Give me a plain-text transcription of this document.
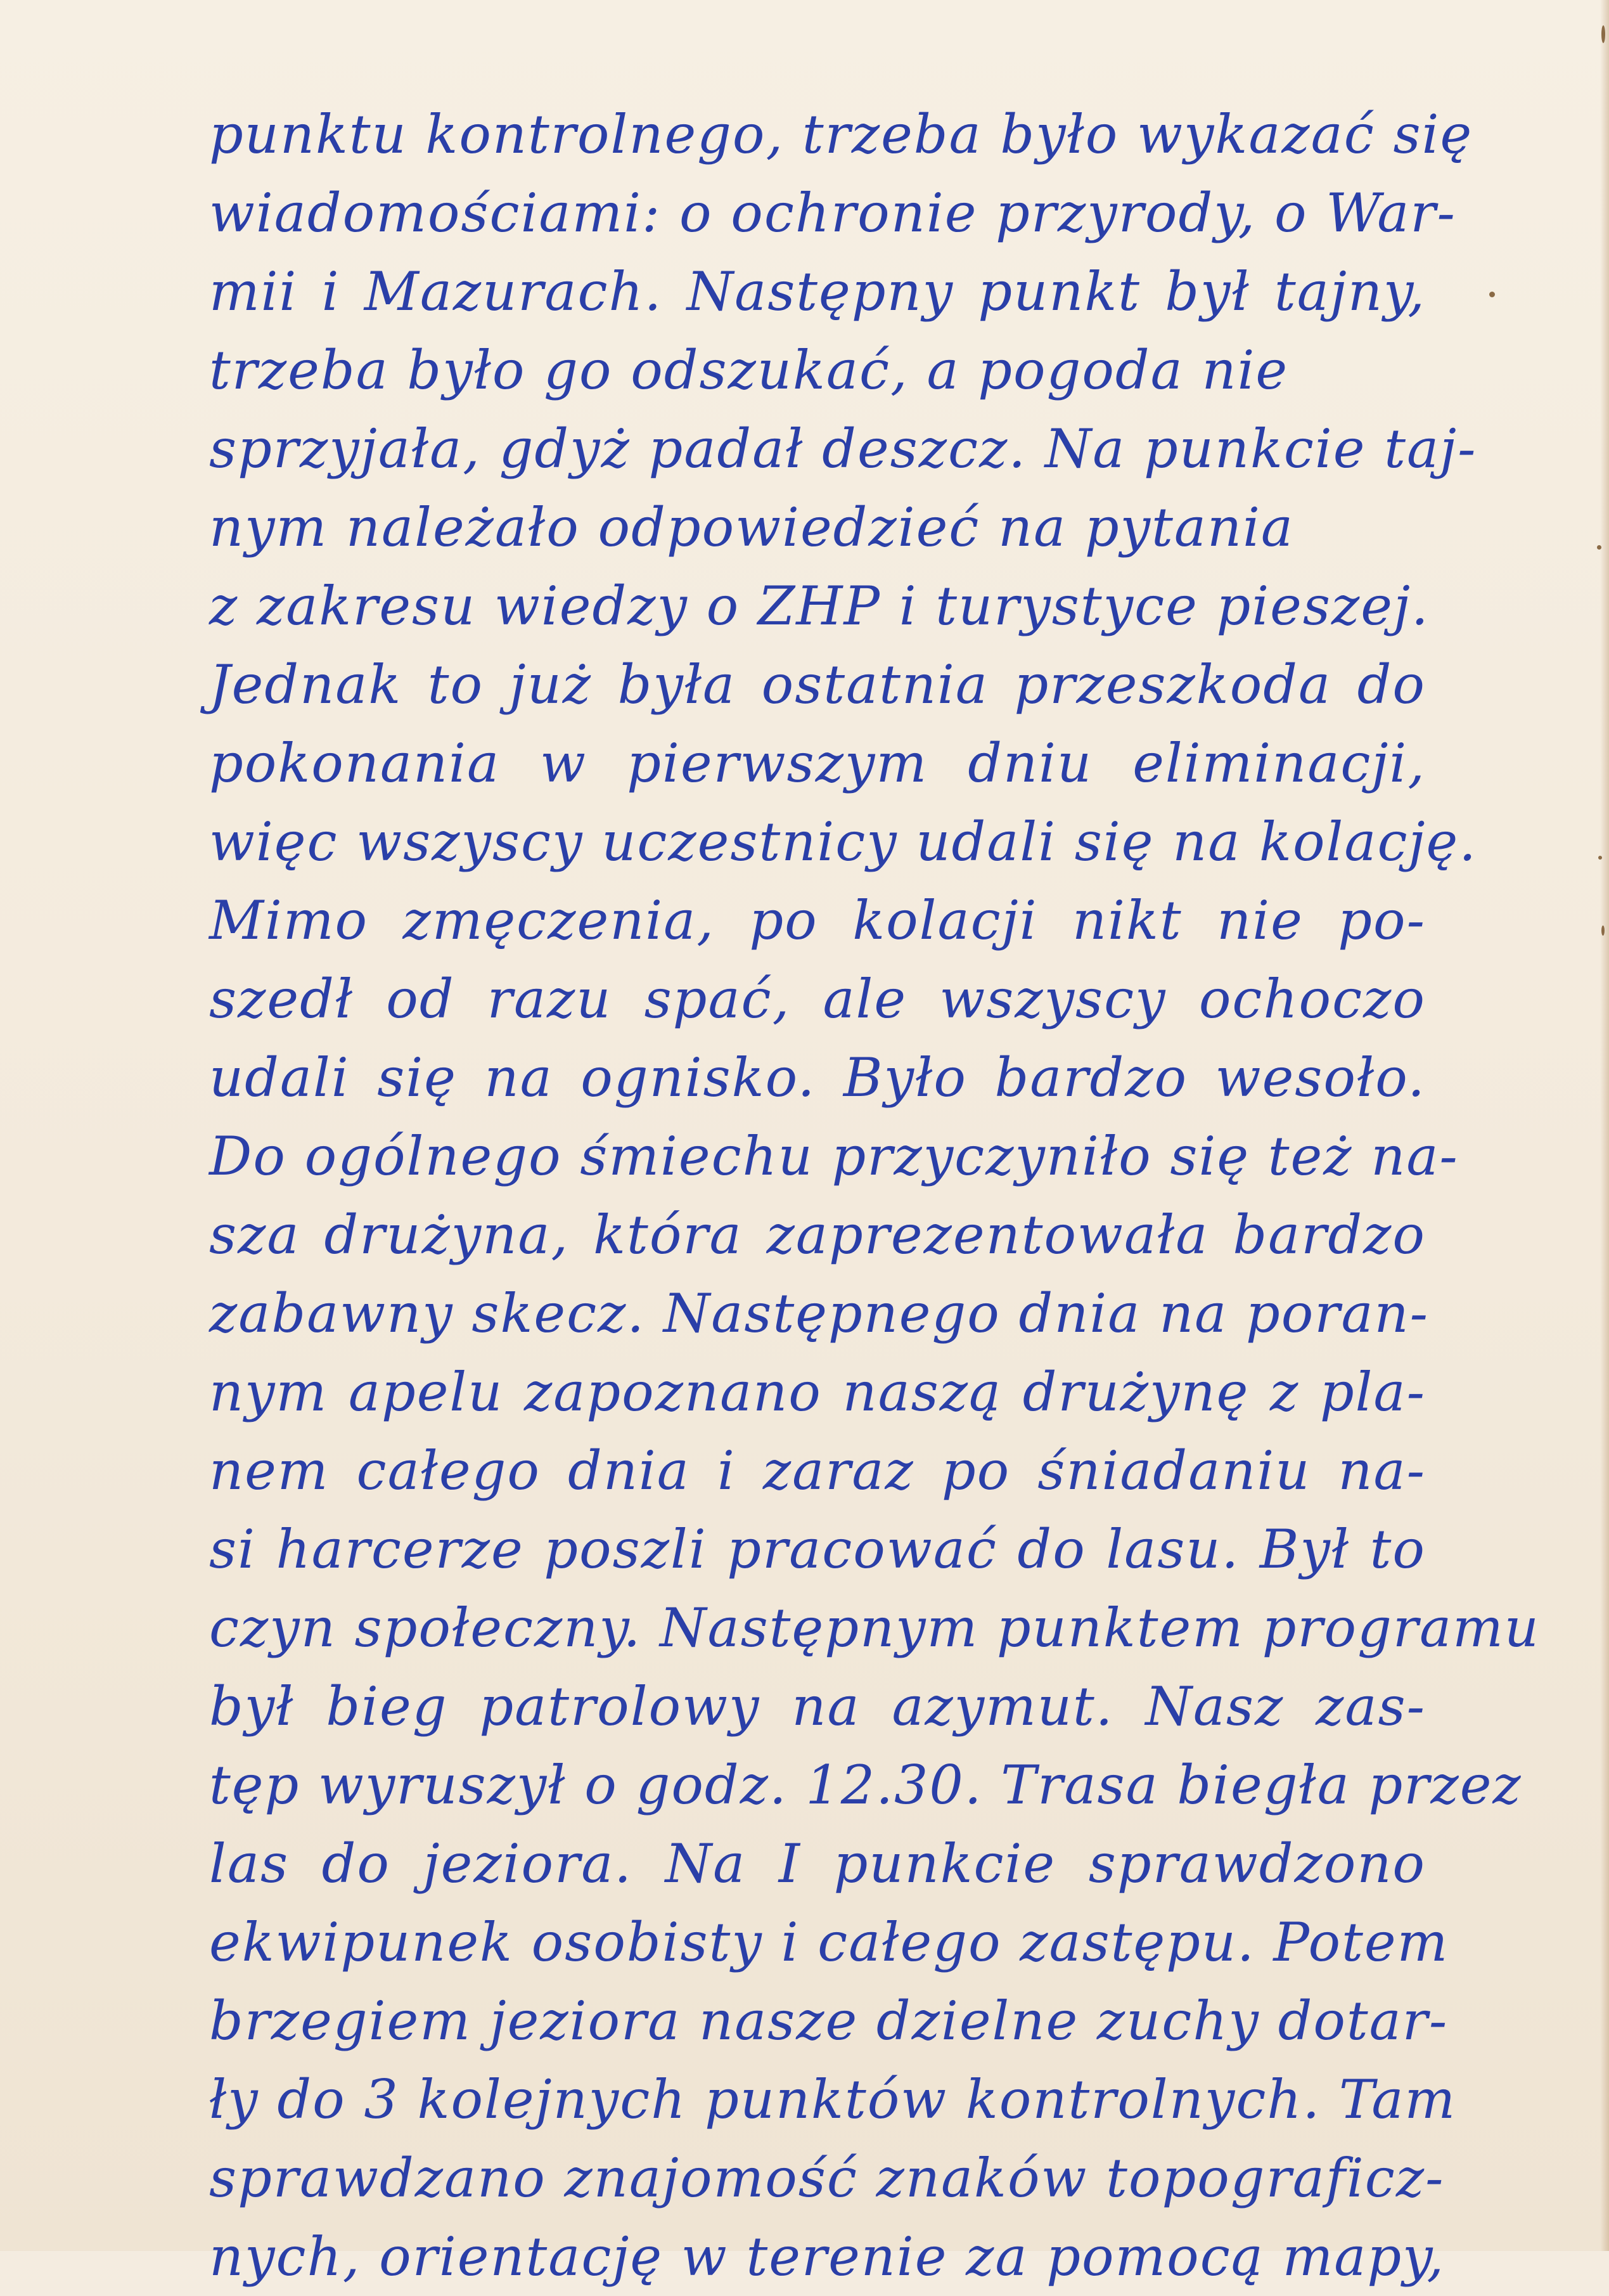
punktu kontrolnego, trzeba było wykazać się
wiadomościami: o ochronie przyrody, o War-
mii i Mazurach. Następny punkt był tajny,
trzeba było go odszukać, a pogoda nie
sprzyjała, gdyż padał deszcz. Na punkcie taj-
nym należało odpowiedzieć na pytania
z zakresu wiedzy o ZHP i turystyce pieszej.
Jednak to już była ostatnia przeszkoda do
pokonania w pierwszym dniu eliminacji,
więc wszyscy uczestnicy udali się na kolację.
Mimo zmęczenia, po kolacji nikt nie po-
szedł od razu spać, ale wszyscy ochoczo
udali się na ognisko. Było bardzo wesoło.
Do ogólnego śmiechu przyczyniło się też na-
sza drużyna, która zaprezentowała bardzo
zabawny skecz. Następnego dnia na poran-
nym apelu zapoznano naszą drużynę z pla-
nem całego dnia i zaraz po śniadaniu na-
si harcerze poszli pracować do lasu. Był to
czyn społeczny. Następnym punktem programu
był bieg patrolowy na azymut. Nasz zas-
tęp wyruszył o godz. 12.30. Trasa biegła przez
las do jeziora. Na I punkcie sprawdzono
ekwipunek osobisty i całego zastępu. Potem
brzegiem jeziora nasze dzielne zuchy dotar-
ły do 3 kolejnych punktów kontrolnych. Tam
sprawdzano znajomość znaków topograficz-
nych, orientację w terenie za pomocą mapy,
